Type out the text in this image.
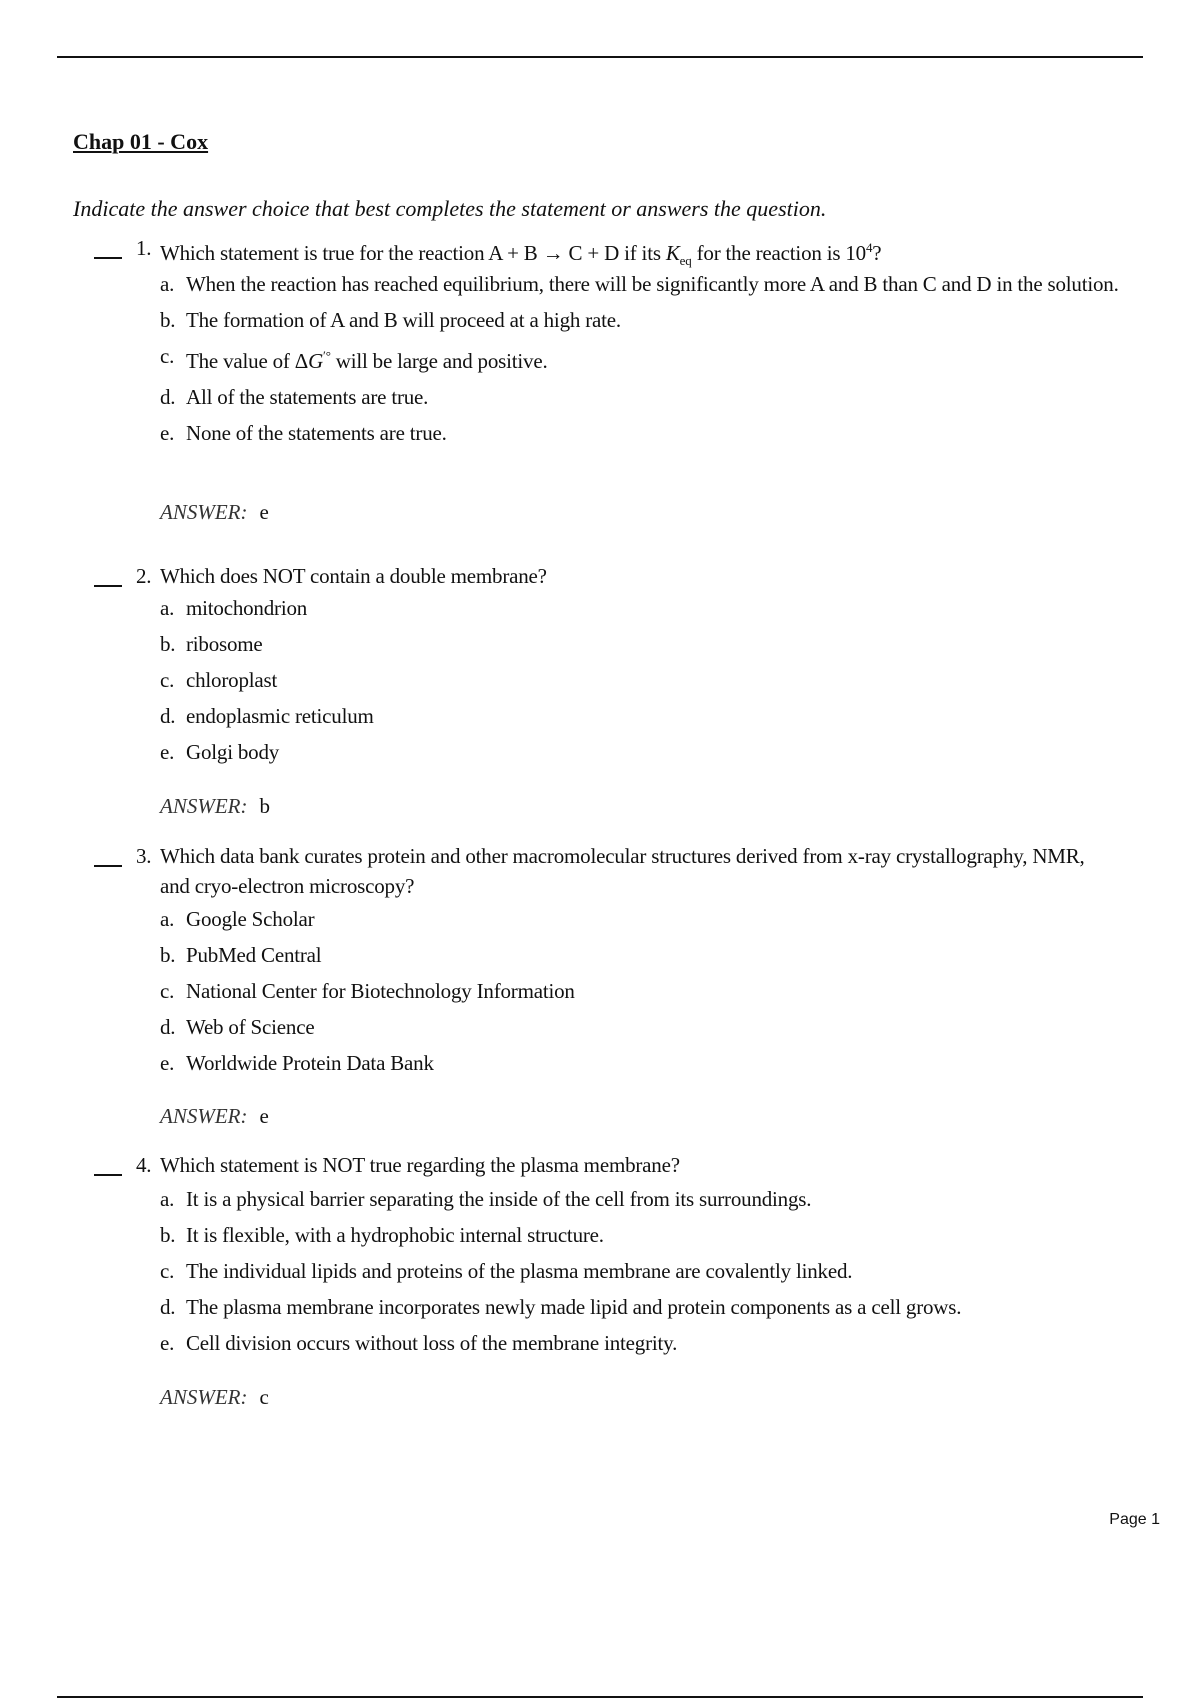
Chap 01 - Cox
Indicate the answer choice that best completes the statement or answers the question.
1. Which statement is true for the reaction A + B → C + D if its $K_{eq}$ for the reaction is $10^4$?
a. When the reaction has reached equilibrium, there will be significantly more A and B than C and D in the solution.
b. The formation of A and B will proceed at a high rate.
c. The value of ΔG′° will be large and positive.
d. All of the statements are true.
e. None of the statements are true.
ANSWER: e
2. Which does NOT contain a double membrane?
a. mitochondrion
b. ribosome
c. chloroplast
d. endoplasmic reticulum
e. Golgi body
ANSWER: b
3. Which data bank curates protein and other macromolecular structures derived from x-ray crystallography, NMR, and cryo-electron microscopy?
a. Google Scholar
b. PubMed Central
c. National Center for Biotechnology Information
d. Web of Science
e. Worldwide Protein Data Bank
ANSWER: e
4. Which statement is NOT true regarding the plasma membrane?
a. It is a physical barrier separating the inside of the cell from its surroundings.
b. It is flexible, with a hydrophobic internal structure.
c. The individual lipids and proteins of the plasma membrane are covalently linked.
d. The plasma membrane incorporates newly made lipid and protein components as a cell grows.
e. Cell division occurs without loss of the membrane integrity.
ANSWER: c
Page 1
